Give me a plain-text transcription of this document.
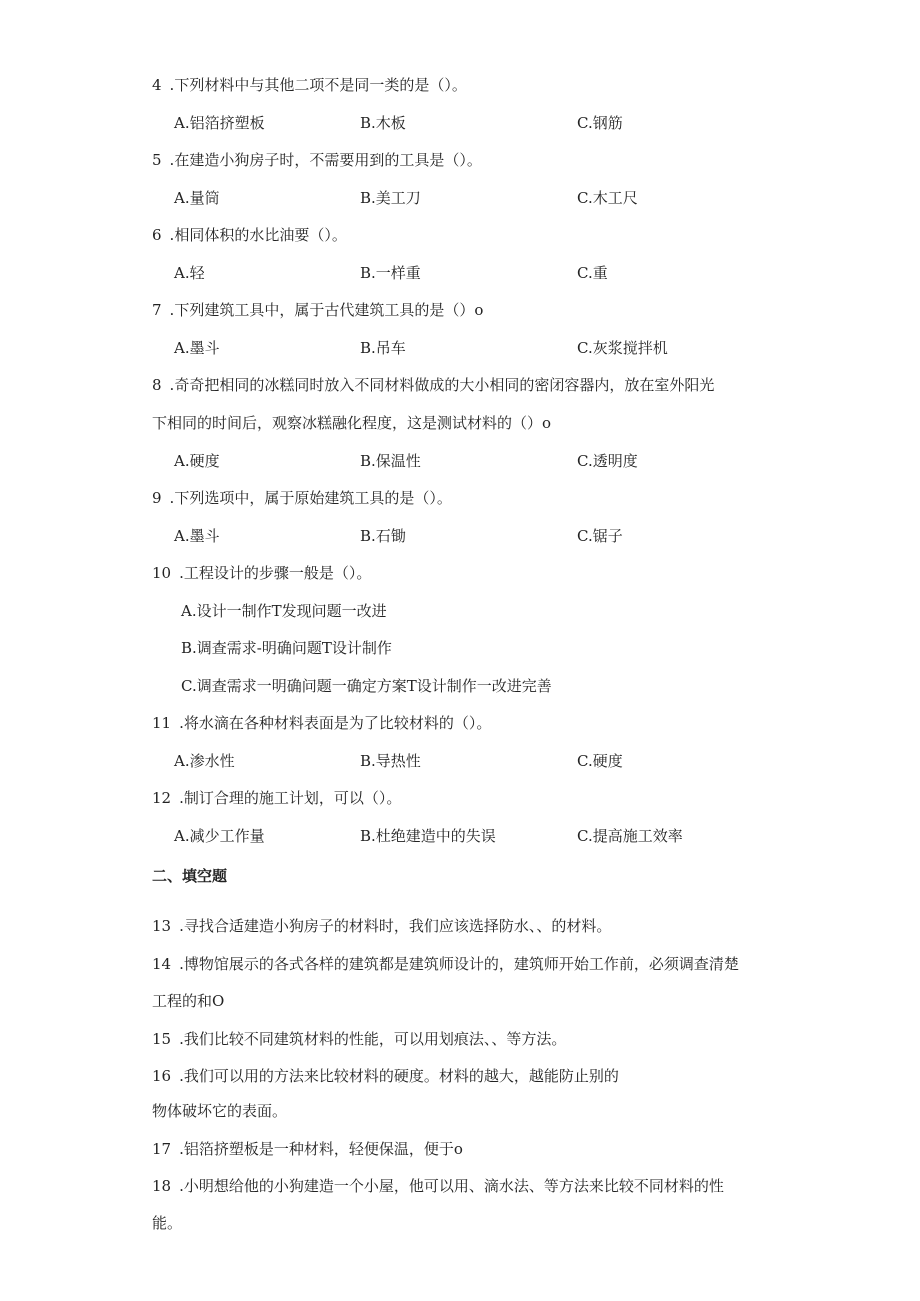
4 .下列材料中与其他二项不是同一类的是（）。
A.铝箔挤塑板	B.木板	C.钢筋
5 .在建造小狗房子时，不需要用到的工具是（）。
A.量筒	B.美工刀	C.木工尺
6 .相同体积的水比油要（）。
A.轻	B.一样重	C.重
7 .下列建筑工具中，属于古代建筑工具的是（）o
A.墨斗	B.吊车	C.灰浆搅拌机
8 .奇奇把相同的冰糕同时放入不同材料做成的大小相同的密闭容器内，放在室外阳光
下相同的时间后，观察冰糕融化程度，这是测试材料的（）o
A.硬度	B.保温性	C.透明度
9 .下列选项中，属于原始建筑工具的是（）。
A.墨斗	B.石锄	C.锯子
10 .工程设计的步骤一般是（）。
A.设计一制作T发现问题一改进
B.调查需求-明确问题T设计制作
C.调查需求一明确问题一确定方案T设计制作一改进完善
11 .将水滴在各种材料表面是为了比较材料的（）。
A.渗水性	B.导热性	C.硬度
12 .制订合理的施工计划，可以（）。
A.减少工作量	B.杜绝建造中的失误	C.提高施工效率
二、填空题
13 .寻找合适建造小狗房子的材料时，我们应该选择防水、、的材料。
14 .博物馆展示的各式各样的建筑都是建筑师设计的，建筑师开始工作前，必须调查清楚
工程的和O
15 .我们比较不同建筑材料的性能，可以用划痕法、、等方法。
16 .我们可以用的方法来比较材料的硬度。材料的越大，越能防止别的
物体破坏它的表面。
17 .铝箔挤塑板是一种材料，轻便保温，便于o
18 .小明想给他的小狗建造一个小屋，他可以用、滴水法、等方法来比较不同材料的性
能。
